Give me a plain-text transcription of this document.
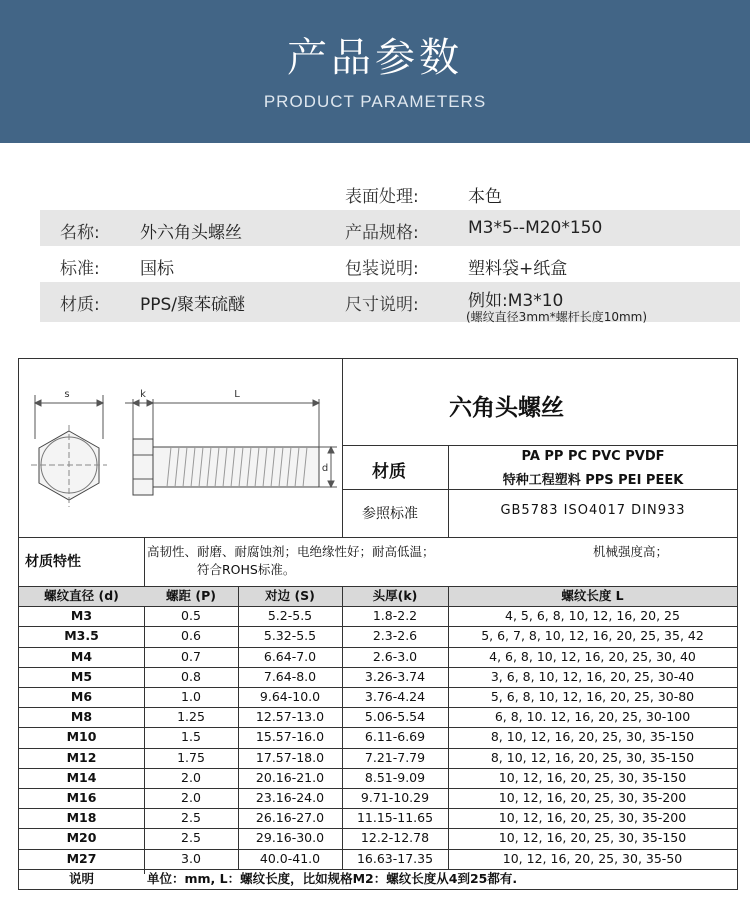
产品参数
PRODUCT PARAMETERS
表面处理:	本色
名称: 外六角头螺丝	产品规格:	M3*5--M20*150
标准: 国标	包装说明:	塑料袋+纸盒
材质: PPS/聚苯硫醚	尺寸说明:	例如:M3*10
(螺纹直径3mm*螺杆长度10mm)
s	k	L
d
六角头螺丝
材质
PA PP PC PVC PVDF
特种工程塑料 PPS PEI PEEK
参照标准	GB5783 ISO4017 DIN933
材质特性
高韧性、耐磨、耐腐蚀剂；电绝缘性好；耐高低温；	机械强度高；
符合ROHS标准。
螺纹直径 (d)	螺距 (P)	对边 (S)	头厚(k)	螺纹长度 L
M3	0.5	5.2-5.5	1.8-2.2	4, 5, 6, 8, 10, 12, 16, 20, 25
M3.5	0.6	5.32-5.5	2.3-2.6	5, 6, 7, 8, 10, 12, 16, 20, 25, 35, 42
M4	0.7	6.64-7.0	2.6-3.0	4, 6, 8, 10, 12, 16, 20, 25, 30, 40
M5	0.8	7.64-8.0	3.26-3.74	3, 6, 8, 10, 12, 16, 20, 25, 30-40
M6	1.0	9.64-10.0	3.76-4.24	5, 6, 8, 10, 12, 16, 20, 25, 30-80
M8	1.25	12.57-13.0	5.06-5.54	6, 8, 10. 12, 16, 20, 25, 30-100
M10	1.5	15.57-16.0	6.11-6.69	8, 10, 12, 16, 20, 25, 30, 35-150
M12	1.75	17.57-18.0	7.21-7.79	8, 10, 12, 16, 20, 25, 30, 35-150
M14	2.0	20.16-21.0	8.51-9.09	10, 12, 16, 20, 25, 30, 35-150
M16	2.0	23.16-24.0	9.71-10.29	10, 12, 16, 20, 25, 30, 35-200
M18	2.5	26.16-27.0	11.15-11.65	10, 12, 16, 20, 25, 30, 35-200
M20	2.5	29.16-30.0	12.2-12.78	10, 12, 16, 20, 25, 30, 35-150
M27	3.0	40.0-41.0	16.63-17.35	10, 12, 16, 20, 25, 30, 35-50
说明	单位：mm, L：螺纹长度，比如规格M2：螺纹长度从4到25都有.
